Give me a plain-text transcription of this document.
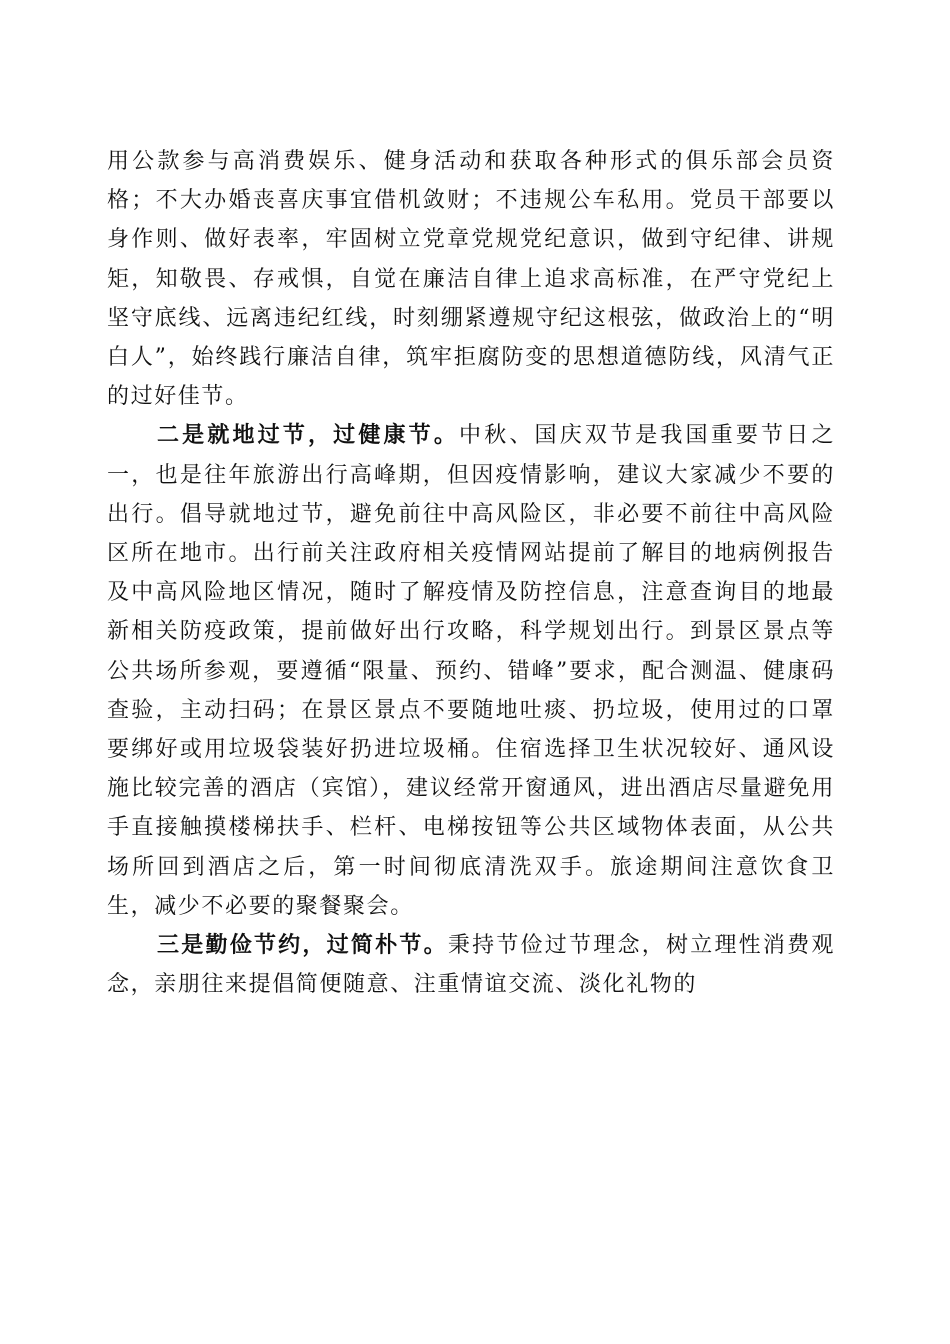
用公款参与高消费娱乐、健身活动和获取各种形式的俱乐部会员资格；不大办婚丧喜庆事宜借机敛财；不违规公车私用。党员干部要以身作则、做好表率，牢固树立党章党规党纪意识，做到守纪律、讲规矩，知敬畏、存戒惧，自觉在廉洁自律上追求高标准，在严守党纪上坚守底线、远离违纪红线，时刻绷紧遵规守纪这根弦，做政治上的“明白人”，始终践行廉洁自律，筑牢拒腐防变的思想道德防线，风清气正的过好佳节。

二是就地过节，过健康节。中秋、国庆双节是我国重要节日之一，也是往年旅游出行高峰期，但因疫情影响，建议大家减少不要的出行。倡导就地过节，避免前往中高风险区，非必要不前往中高风险区所在地市。出行前关注政府相关疫情网站提前了解目的地病例报告及中高风险地区情况，随时了解疫情及防控信息，注意查询目的地最新相关防疫政策，提前做好出行攻略，科学规划出行。到景区景点等公共场所参观，要遵循“限量、预约、错峰”要求，配合测温、健康码查验，主动扫码；在景区景点不要随地吐痰、扔垃圾，使用过的口罩要绑好或用垃圾袋装好扔进垃圾桶。住宿选择卫生状况较好、通风设施比较完善的酒店（宾馆），建议经常开窗通风，进出酒店尽量避免用手直接触摸楼梯扶手、栏杆、电梯按钮等公共区域物体表面，从公共场所回到酒店之后，第一时间彻底清洗双手。旅途期间注意饮食卫生，减少不必要的聚餐聚会。

三是勤俭节约，过简朴节。秉持节俭过节理念，树立理性消费观念，亲朋往来提倡简便随意、注重情谊交流、淡化礼物的
